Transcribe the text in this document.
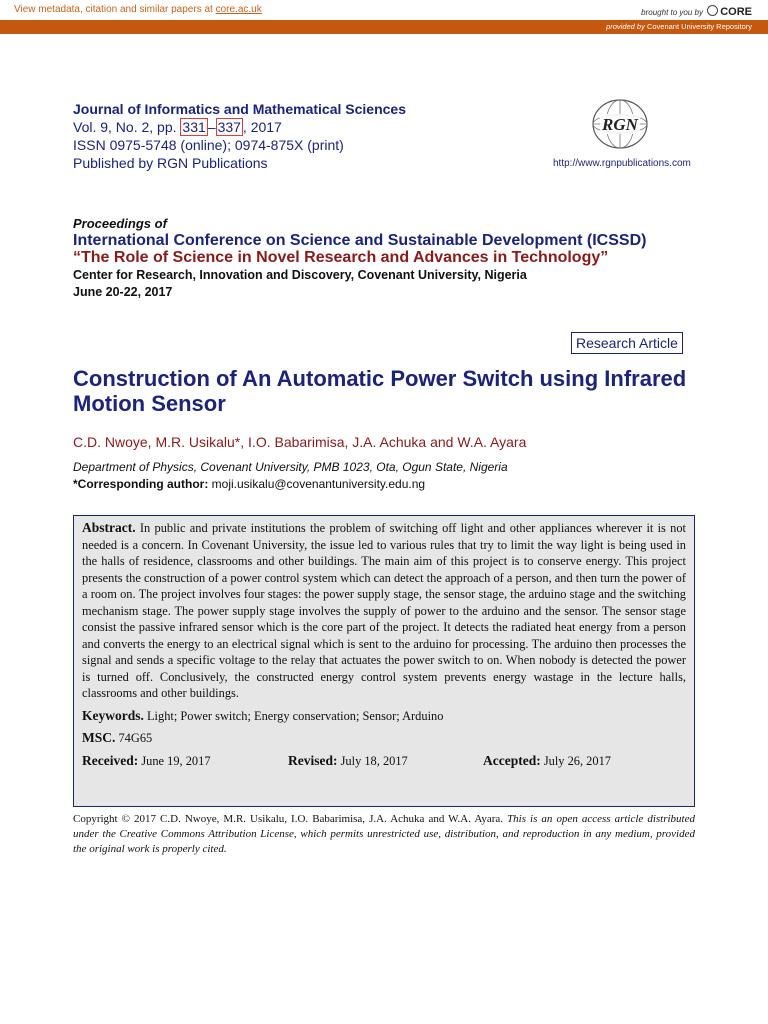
View metadata, citation and similar papers at core.ac.uk	brought to you by CORE
provided by Covenant University Repository
Journal of Informatics and Mathematical Sciences
Vol. 9, No. 2, pp. 331 – 337 , 2017
ISSN 0975-5748 (online); 0974-875X (print)
Published by RGN Publications
RGN
http://www.rgnpublications.com
Proceedings of
International Conference on Science and Sustainable Development (ICSSD)
“The Role of Science in Novel Research and Advances in Technology”
Center for Research, Innovation and Discovery, Covenant University, Nigeria
June 20-22, 2017
Research Article
Construction of An Automatic Power Switch using Infrared Motion Sensor
C.D. Nwoye, M.R. Usikalu*, I.O. Babarimisa, J.A. Achuka and W.A. Ayara
Department of Physics, Covenant University, PMB 1023, Ota, Ogun State, Nigeria
*Corresponding author: moji.usikalu@covenantuniversity.edu.ng

Abstract. In public and private institutions the problem of switching off light and other appliances wherever it is not needed is a concern. In Covenant University, the issue led to various rules that try to limit the way light is being used in the halls of residence, classrooms and other buildings. The main aim of this project is to conserve energy. This project presents the construction of a power control system which can detect the approach of a person, and then turn the power of a room on. The project involves four stages: the power supply stage, the sensor stage, the arduino stage and the switching mechanism stage. The power supply stage involves the supply of power to the arduino and the sensor. The sensor stage consist the passive infrared sensor which is the core part of the project. It detects the radiated heat energy from a person and converts the energy to an electrical signal which is sent to the arduino for processing. The arduino then processes the signal and sends a specific voltage to the relay that actuates the power switch to on. When nobody is detected the power is turned off. Conclusively, the constructed energy control system prevents energy wastage in the lecture halls, classrooms and other buildings.

Keywords. Light; Power switch; Energy conservation; Sensor; Arduino
MSC. 74G65
Received: June 19, 2017	Revised: July 18, 2017	Accepted: July 26, 2017
Copyright © 2017 C.D. Nwoye, M.R. Usikalu, I.O. Babarimisa, J.A. Achuka and W.A. Ayara. This is an open access article distributed under the Creative Commons Attribution License, which permits unrestricted use, distribution, and reproduction in any medium, provided the original work is properly cited.
